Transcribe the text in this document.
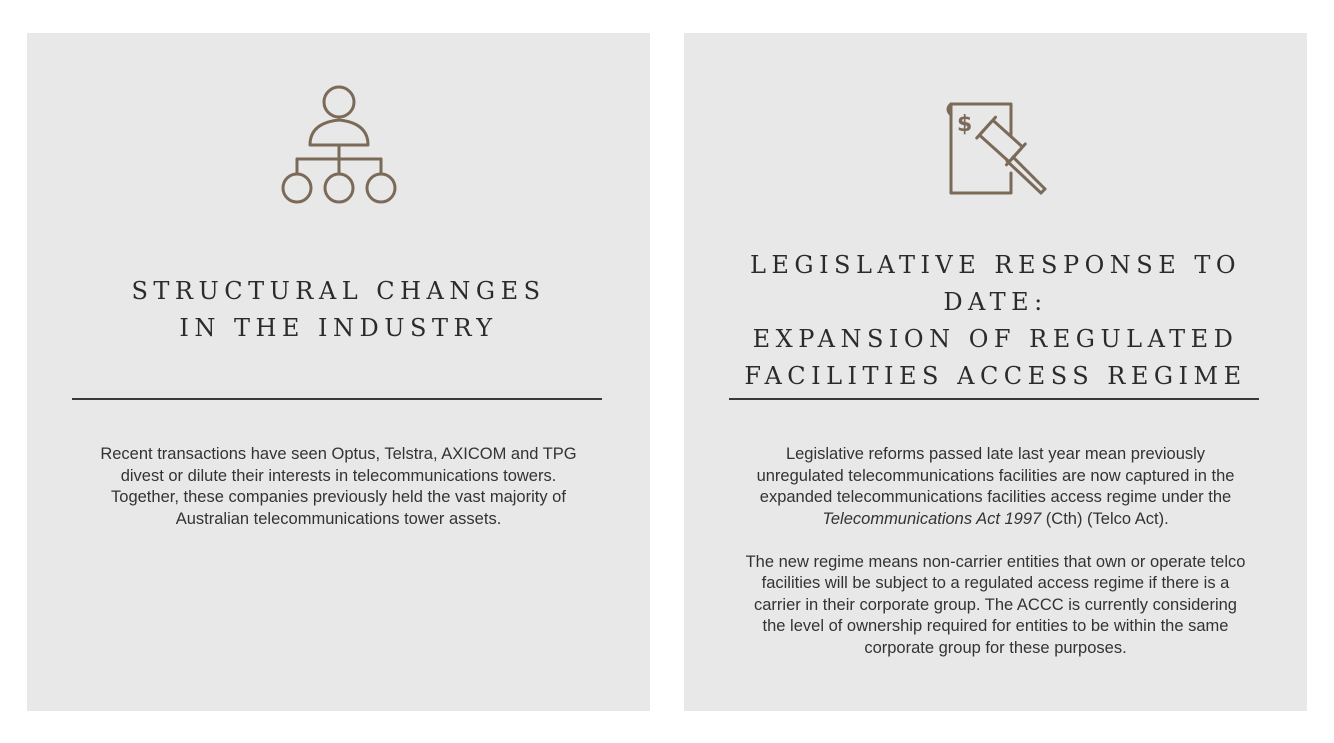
STRUCTURAL CHANGES
IN THE INDUSTRY

Recent transactions have seen Optus, Telstra, AXICOM and TPG
divest or dilute their interests in telecommunications towers.
Together, these companies previously held the vast majority of
Australian telecommunications tower assets.

$
LEGISLATIVE RESPONSE TO DATE:
EXPANSION OF REGULATED
FACILITIES ACCESS REGIME

Legislative reforms passed late last year mean previously
unregulated telecommunications facilities are now captured in the
expanded telecommunications facilities access regime under the
Telecommunications Act 1997 (Cth) (Telco Act).
The new regime means non-carrier entities that own or operate telco
facilities will be subject to a regulated access regime if there is a
carrier in their corporate group. The ACCC is currently considering
the level of ownership required for entities to be within the same
corporate group for these purposes.
